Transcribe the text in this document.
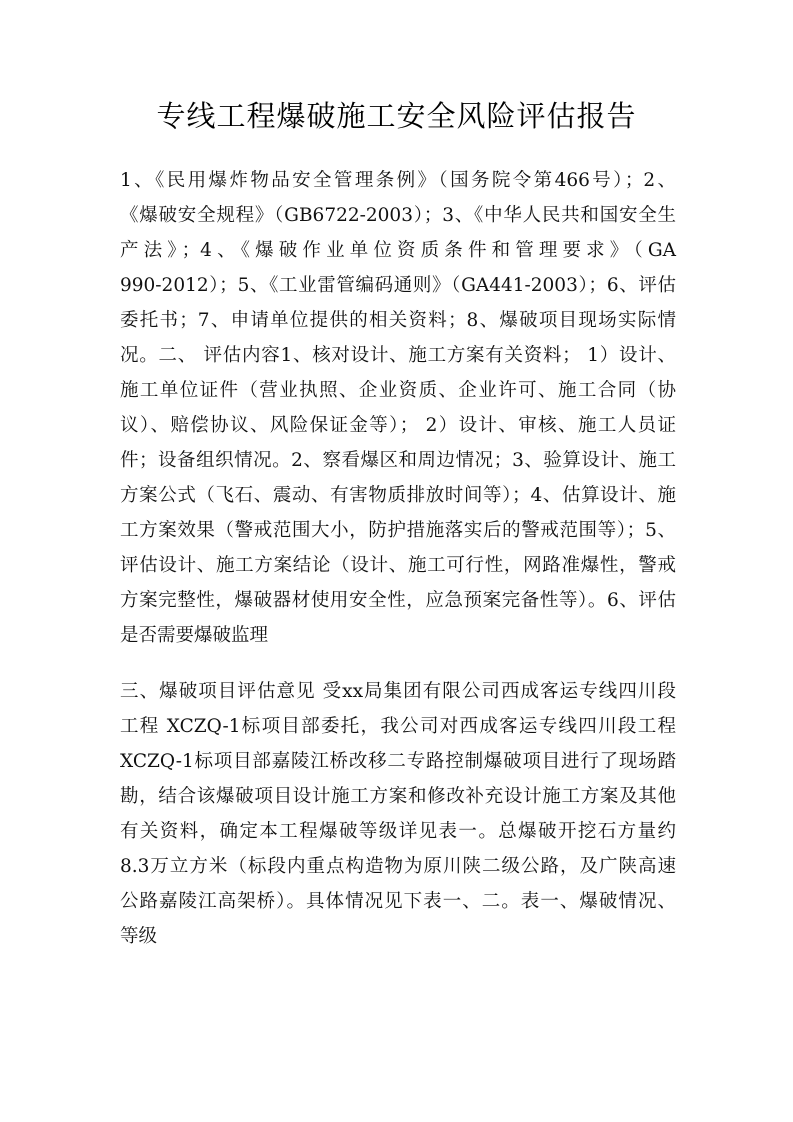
专线工程爆破施工安全风险评估报告
1、《民用爆炸物品安全管理条例》（国务院令第466号）；2、
《爆破安全规程》（GB6722-2003）；3、《中华人民共和国安全生
产法》；4、《爆破作业单位资质条件和管理要求》（GA
990-2012）；5、《工业雷管编码通则》（GA441-2003）；6、评估
委托书；7、申请单位提供的相关资料；8、爆破项目现场实际情
况。二、 评估内容1、核对设计、施工方案有关资料； 1）设计、
施工单位证件（营业执照、企业资质、企业许可、施工合同（协
议）、赔偿协议、风险保证金等）； 2）设计、审核、施工人员证
件；设备组织情况。2、察看爆区和周边情况；3、验算设计、施工
方案公式（飞石、震动、有害物质排放时间等）；4、估算设计、施
工方案效果（警戒范围大小，防护措施落实后的警戒范围等）；5、
评估设计、施工方案结论（设计、施工可行性，网路准爆性，警戒
方案完整性，爆破器材使用安全性，应急预案完备性等）。6、评估
是否需要爆破监理
三、爆破项目评估意见 受xx局集团有限公司西成客运专线四川段
工程 XCZQ-1标项目部委托，我公司对西成客运专线四川段工程
XCZQ-1标项目部嘉陵江桥改移二专路控制爆破项目进行了现场踏
勘，结合该爆破项目设计施工方案和修改补充设计施工方案及其他
有关资料，确定本工程爆破等级详见表一。总爆破开挖石方量约
8.3万立方米（标段内重点构造物为原川陕二级公路，及广陕高速
公路嘉陵江高架桥）。具体情况见下表一、二。表一、爆破情况、
等级
